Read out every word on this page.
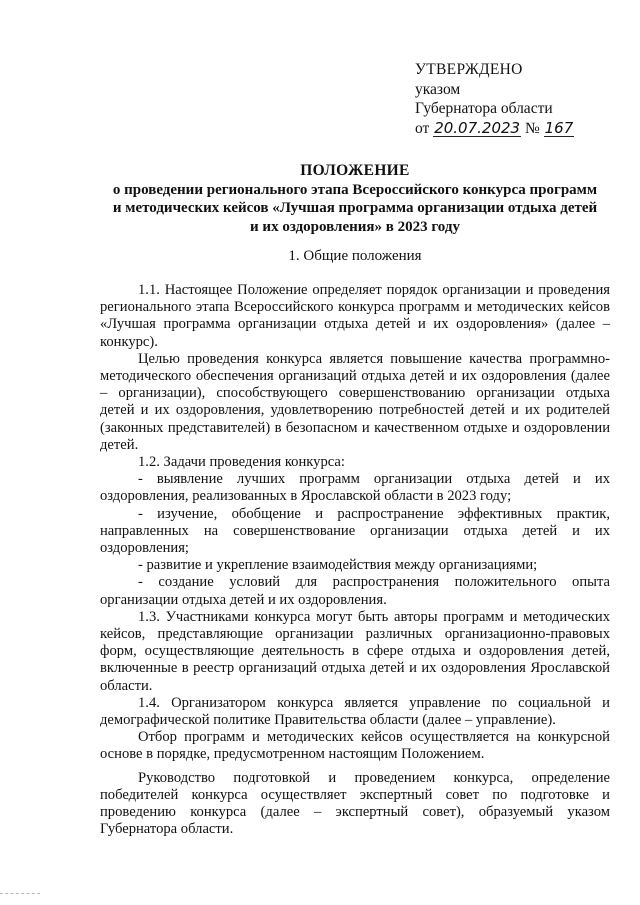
УТВЕРЖДЕНО
указом
Губернатора области
от 20.07.2023 № 167
ПОЛОЖЕНИЕ
о проведении регионального этапа Всероссийского конкурса программ
и методических кейсов «Лучшая программа организации отдыха детей
и их оздоровления» в 2023 году
1. Общие положения

1.1. Настоящее Положение определяет порядок организации и проведения регионального этапа Всероссийского конкурса программ и методических кейсов «Лучшая программа организации отдыха детей и их оздоровления» (далее – конкурс).

Целью проведения конкурса является повышение качества программно-методического обеспечения организаций отдыха детей и их оздоровления (далее – организации), способствующего совершенствованию организации отдыха детей и их оздоровления, удовлетворению потребностей детей и их родителей (законных представителей) в безопасном и качественном отдыхе и оздоровлении детей.

1.2. Задачи проведения конкурса:

- выявление лучших программ организации отдыха детей и их оздоровления, реализованных в Ярославской области в 2023 году;

- изучение, обобщение и распространение эффективных практик, направленных на совершенствование организации отдыха детей и их оздоровления;

- развитие и укрепление взаимодействия между организациями;

- создание условий для распространения положительного опыта организации отдыха детей и их оздоровления.

1.3. Участниками конкурса могут быть авторы программ и методических кейсов, представляющие организации различных организационно-правовых форм, осуществляющие деятельность в сфере отдыха и оздоровления детей, включенные в реестр организаций отдыха детей и их оздоровления Ярославской области.

1.4. Организатором конкурса является управление по социальной и демографической политике Правительства области (далее – управление).

Отбор программ и методических кейсов осуществляется на конкурсной основе в порядке, предусмотренном настоящим Положением.

Руководство подготовкой и проведением конкурса, определение победителей конкурса осуществляет экспертный совет по подготовке и проведению конкурса (далее – экспертный совет), образуемый указом Губернатора области.
